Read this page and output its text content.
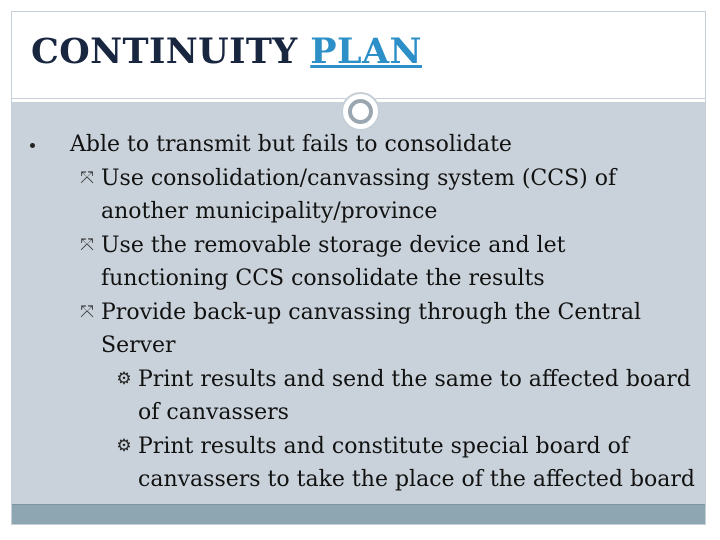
CONTINUITY PLAN
Able to transmit but fails to consolidate
⤧ Use consolidation/canvassing system (CCS) of
another municipality/province
⤧ Use the removable storage device and let
functioning CCS consolidate the results
⤧ Provide back-up canvassing through the Central
Server
⚙ Print results and send the same to affected board
of canvassers
⚙ Print results and constitute special board of
canvassers to take the place of the affected board
